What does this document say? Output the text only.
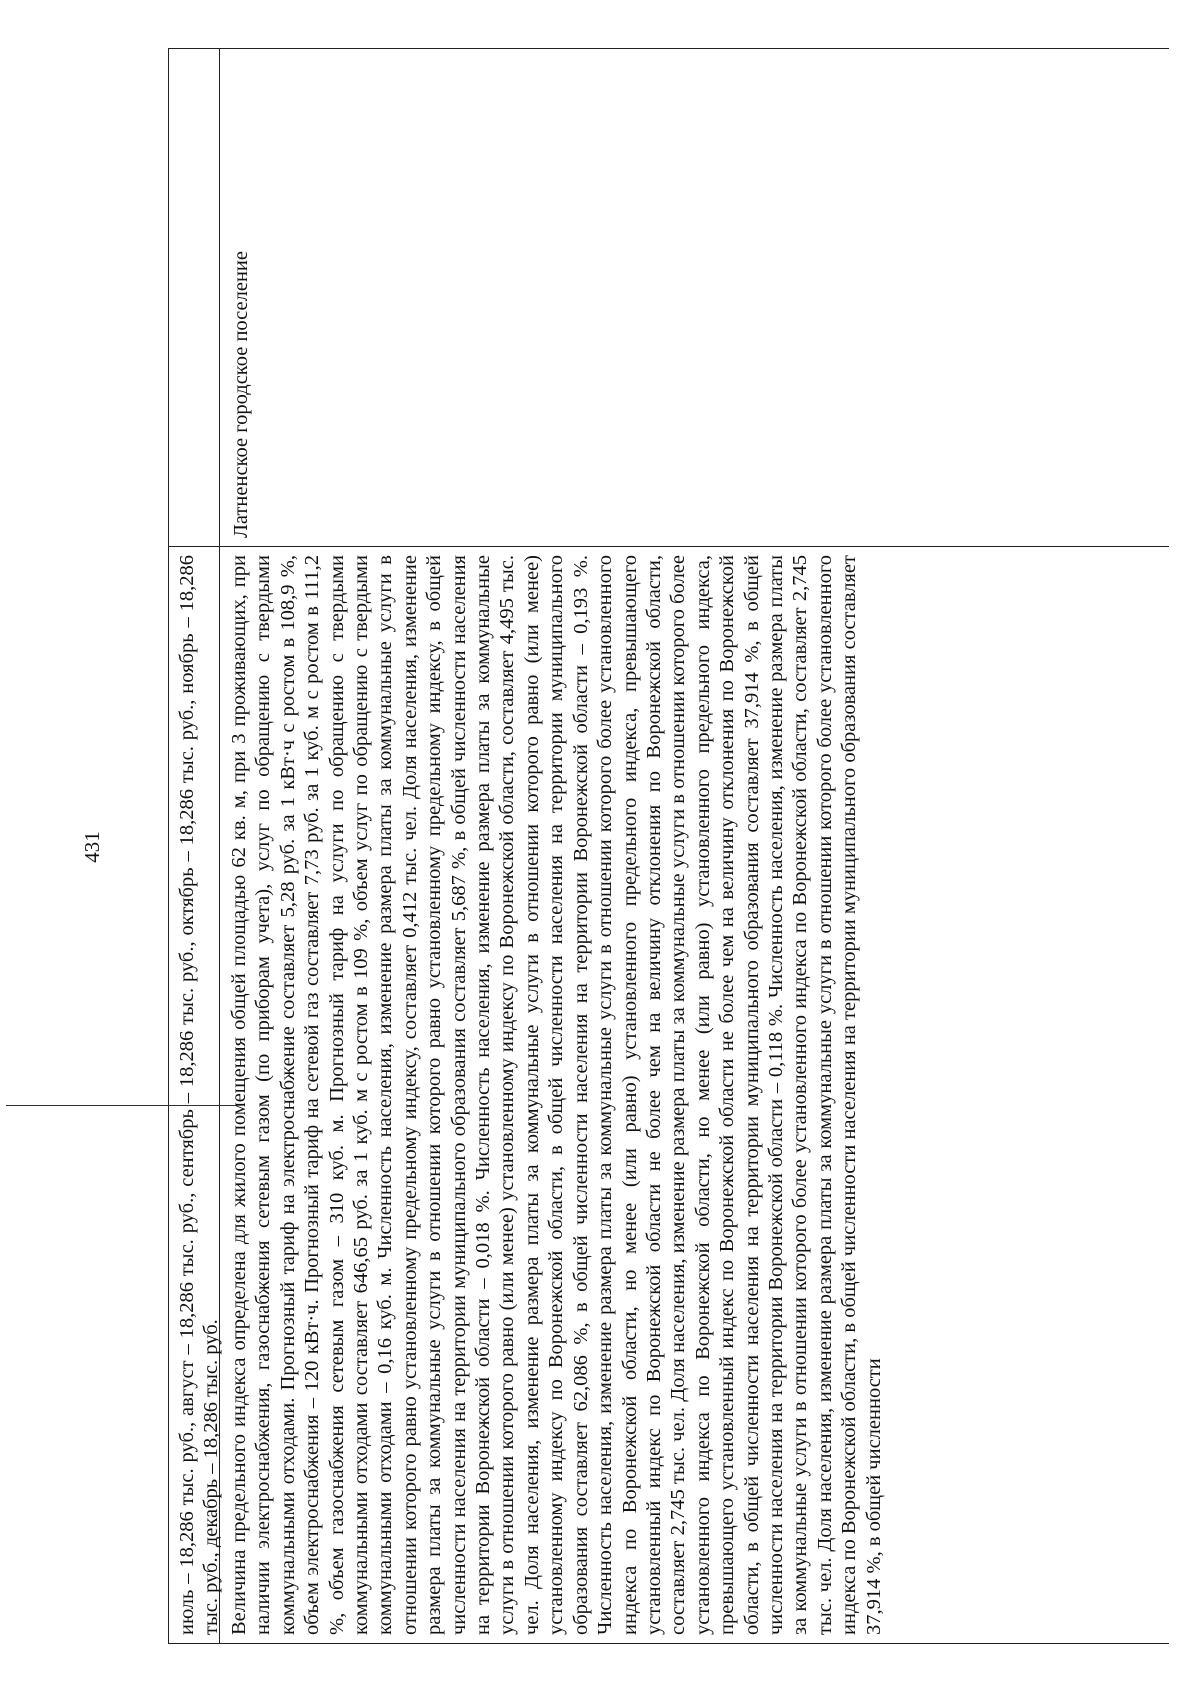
431	июль – 18,286 тыс. руб., август – 18,286 тыс. руб., сентябрь – 18,286 тыс. руб., октябрь – 18,286 тыс. руб., ноябрь – 18,286 тыс. руб., декабрь – 18,286 тыс. руб.
Латненское городское поселение
Величина предельного индекса определена для жилого помещения общей площадью 62 кв. м, при 3 проживающих, при наличии электроснабжения, газоснабжения сетевым газом (по приборам учета), услуг по обращению с твердыми коммунальными отходами. Прогнозный тариф на электроснабжение составляет 5,28 руб. за 1 кВт·ч с ростом в 108,9 %, объем электроснабжения – 120 кВт·ч. Прогнозный тариф на сетевой газ составляет 7,73 руб. за 1 куб. м с ростом в 111,2 %, объем газоснабжения сетевым газом – 310 куб. м. Прогнозный тариф на услуги по обращению с твердыми коммунальными отходами составляет 646,65 руб. за 1 куб. м с ростом в 109 %, объем услуг по обращению с твердыми коммунальными отходами – 0,16 куб. м. Численность населения, изменение размера платы за коммунальные услуги в отношении которого равно установленному предельному индексу, составляет 0,412 тыс. чел. Доля населения, изменение размера платы за коммунальные услуги в отношении которого равно установленному предельному индексу, в общей численности населения на территории муниципального образования составляет 5,687 %, в общей численности населения на территории Воронежской области – 0,018 %. Численность населения, изменение размера платы за коммунальные услуги в отношении которого равно (или менее) установленному индексу по Воронежской области, составляет 4,495 тыс. чел. Доля населения, изменение размера платы за коммунальные услуги в отношении которого равно (или менее) установленному индексу по Воронежской области, в общей численности населения на территории муниципального образования составляет 62,086 %, в общей численности населения на территории Воронежской области – 0,193 %. Численность населения, изменение размера платы за коммунальные услуги в отношении которого более установленного индекса по Воронежской области, но менее (или равно) установленного предельного индекса, превышающего установленный индекс по Воронежской области не более чем на величину отклонения по Воронежской области, составляет 2,745 тыс. чел. Доля населения, изменение размера платы за коммунальные услуги в отношении которого более установленного индекса по Воронежской области, но менее (или равно) установленного предельного индекса, превышающего установленный индекс по Воронежской области не более чем на величину отклонения по Воронежской области, в общей численности населения на территории муниципального образования составляет 37,914 %, в общей численности населения на территории Воронежской области – 0,118 %. Численность населения, изменение размера платы за коммунальные услуги в отношении которого более установленного индекса по Воронежской области, составляет 2,745 тыс. чел. Доля населения, изменение размера платы за коммунальные услуги в отношении которого более установленного индекса по Воронежской области, в общей численности населения на территории муниципального образования составляет 37,914 %, в общей численности
